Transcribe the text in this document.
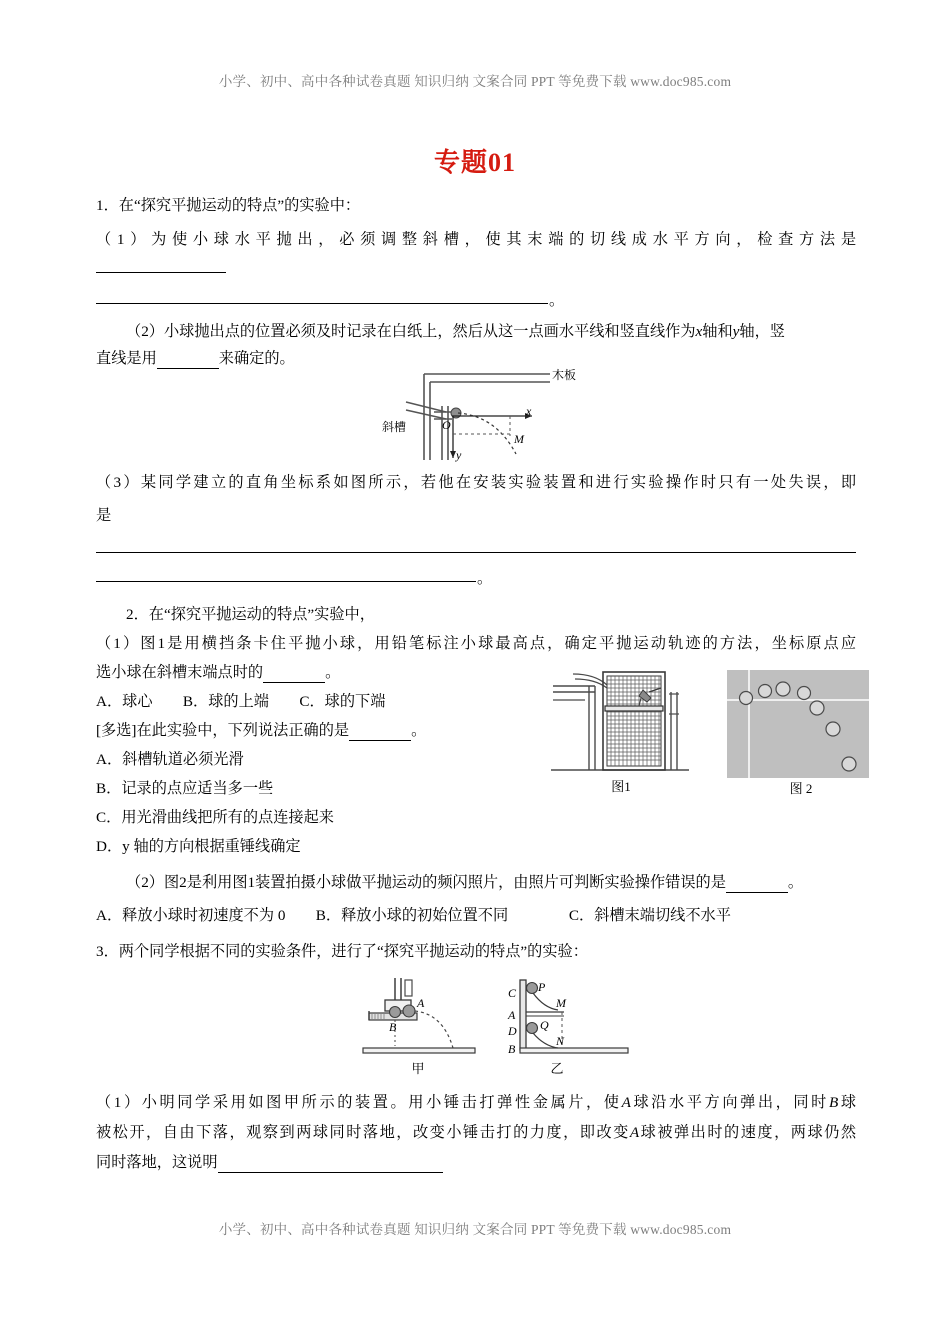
小学、初中、高中各种试卷真题 知识归纳 文案合同 PPT 等免费下载 www.doc985.com
专题01
1．在“探究平抛运动的特点”的实验中：
（1）为使小球水平抛出，必须调整斜槽，使其末端的切线成水平方向，检查方法是
。
（2）小球抛出点的位置必须及时记录在白纸上，然后从这一点画水平线和竖直线作为x轴和y轴，竖
直线是用	来确定的。
木板
斜槽	O
x
y
M
（3）某同学建立的直角坐标系如图所示，若他在安装实验装置和进行实验操作时只有一处失误，即
是
。
2．在“探究平抛运动的特点”实验中，
（1）图1是用横挡条卡住平抛小球，用铅笔标注小球最高点，确定平抛运动轨迹的方法，坐标原点应
选小球在斜槽末端点时的	。
A．球心　　B．球的上端　　C．球的下端
[多选]在此实验中，下列说法正确的是	。
A．斜槽轨道必须光滑
B．记录的点应适当多一些
C．用光滑曲线把所有的点连接起来
D．y 轴的方向根据重锤线确定
图1	图 2
（2）图2是利用图1装置拍摄小球做平抛运动的频闪照片，由照片可判断实验操作错误的是	。
A．释放小球时初速度不为 0　　B．释放小球的初始位置不同　　　　C．斜槽末端切线不水平
3．两个同学根据不同的实验条件，进行了“探究平抛运动的特点”的实验：
A
B
甲
C
A
D
B
P
M
Q
N
乙
（1）小明同学采用如图甲所示的装置。用小锤击打弹性金属片，使A球沿水平方向弹出，同时B球
被松开，自由下落，观察到两球同时落地，改变小锤击打的力度，即改变A球被弹出时的速度，两球仍然
同时落地，这说明
小学、初中、高中各种试卷真题 知识归纳 文案合同 PPT 等免费下载 www.doc985.com
